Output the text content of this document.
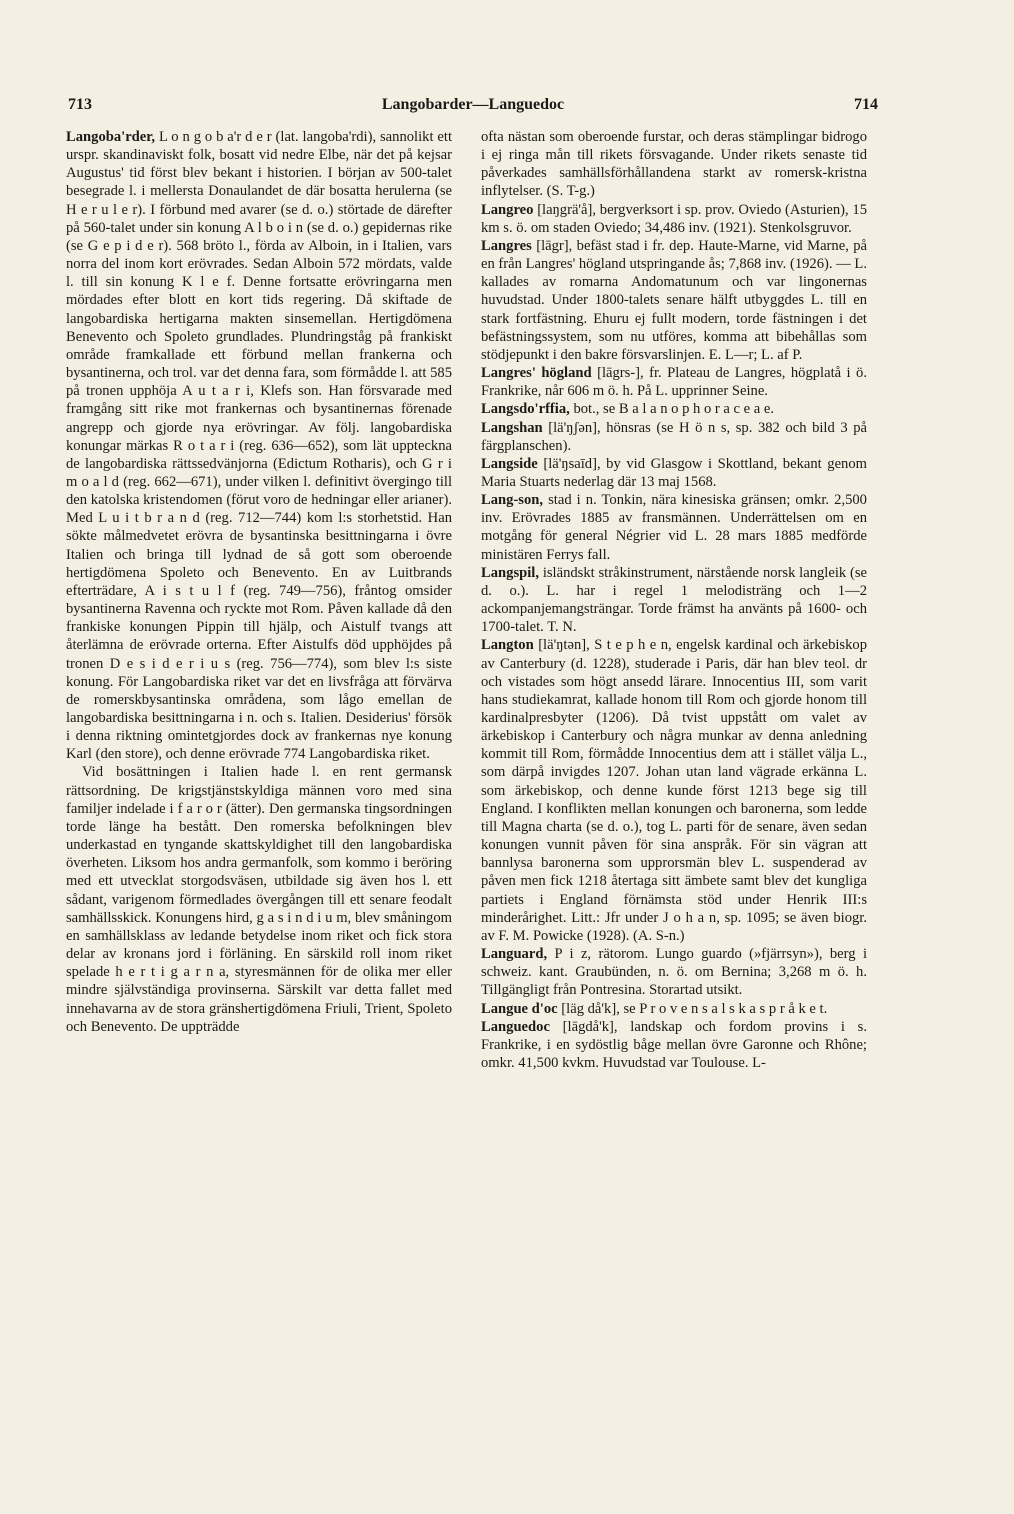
713	Langobarder—Languedoc	714

Langoba'rder, L o n g o b a'r d e r (lat. langoba'rdi), sannolikt ett urspr. skandinaviskt folk, bosatt vid nedre Elbe, när det på kejsar Augustus' tid först blev bekant i historien. I början av 500-talet besegrade l. i mellersta Donaulandet de där bosatta herulerna (se H e r u l e r). I förbund med avarer (se d. o.) störtade de därefter på 560-talet under sin konung A l b o i n (se d. o.) gepidernas rike (se G e p i d e r). 568 bröto l., förda av Alboin, in i Italien, vars norra del inom kort erövrades. Sedan Alboin 572 mördats, valde l. till sin konung K l e f. Denne fortsatte erövringarna men mördades efter blott en kort tids regering. Då skiftade de langobardiska hertigarna makten sinsemellan. Hertigdömena Benevento och Spoleto grundlades. Plundringståg på frankiskt område framkallade ett förbund mellan frankerna och bysantinerna, och trol. var det denna fara, som förmådde l. att 585 på tronen upphöja A u t a r i, Klefs son. Han försvarade med framgång sitt rike mot frankernas och bysantinernas förenade angrepp och gjorde nya erövringar. Av följ. langobardiska konungar märkas R o t a r i (reg. 636—652), som lät uppteckna de langobardiska rättssedvänjorna (Edictum Rotharis), och G r i m o a l d (reg. 662—671), under vilken l. definitivt övergingo till den katolska kristendomen (förut voro de hedningar eller arianer). Med L u i t b r a n d (reg. 712—744) kom l:s storhetstid. Han sökte målmedvetet erövra de bysantinska besittningarna i övre Italien och bringa till lydnad de så gott som oberoende hertigdömena Spoleto och Benevento. En av Luitbrands efterträdare, A i s t u l f (reg. 749—756), fråntog omsider bysantinerna Ravenna och ryckte mot Rom. Påven kallade då den frankiske konungen Pippin till hjälp, och Aistulf tvangs att återlämna de erövrade orterna. Efter Aistulfs död upphöjdes på tronen D e s i d e r i u s (reg. 756—774), som blev l:s siste konung. För Langobardiska riket var det en livsfråga att förvärva de romerskbysantinska områdena, som lågo emellan de langobardiska besittningarna i n. och s. Italien. Desiderius' försök i denna riktning omintetgjordes dock av frankernas nye konung Karl (den store), och denne erövrade 774 Langobardiska riket.

Vid bosättningen i Italien hade l. en rent germansk rättsordning. De krigstjänstskyldiga männen voro med sina familjer indelade i f a r o r (ätter). Den germanska tingsordningen torde länge ha bestått. Den romerska befolkningen blev underkastad en tyngande skattskyldighet till den langobardiska överheten. Liksom hos andra germanfolk, som kommo i beröring med ett utvecklat storgodsväsen, utbildade sig även hos l. ett sådant, varigenom förmedlades övergången till ett senare feodalt samhällsskick. Konungens hird, g a s i n d i u m, blev småningom en samhällsklass av ledande betydelse inom riket och fick stora delar av kronans jord i förläning. En särskild roll inom riket spelade h e r t i g a r n a, styresmännen för de olika mer eller mindre självständiga provinserna. Särskilt var detta fallet med innehavarna av de stora gränshertigdömena Friuli, Trient, Spoleto och Benevento. De uppträdde

ofta nästan som oberoende furstar, och deras stämplingar bidrogo i ej ringa mån till rikets försvagande. Under rikets senaste tid påverkades samhällsförhållandena starkt av romersk-kristna inflytelser. (S. T-g.)

Langreo [laŋgrä'å], bergverksort i sp. prov. Oviedo (Asturien), 15 km s. ö. om staden Oviedo; 34,486 inv. (1921). Stenkolsgruvor.

Langres [lāgr], befäst stad i fr. dep. Haute-Marne, vid Marne, på en från Langres' högland utspringande ås; 7,868 inv. (1926). — L. kallades av romarna Andomatunum och var lingonernas huvudstad. Under 1800-talets senare hälft utbyggdes L. till en stark fortfästning. Ehuru ej fullt modern, torde fästningen i det befästningssystem, som nu utföres, komma att bibehållas som stödjepunkt i den bakre försvarslinjen. E. L—r; L. af P.

Langres' högland [lāgrs-], fr. Plateau de Langres, högplatå i ö. Frankrike, når 606 m ö. h. På L. upprinner Seine.

Langsdo'rffia, bot., se B a l a n o p h o r a c e a e.

Langshan [lä'ŋʃən], hönsras (se H ö n s, sp. 382 och bild 3 på färgplanschen).

Langside [lä'ŋsaīd], by vid Glasgow i Skottland, bekant genom Maria Stuarts nederlag där 13 maj 1568.

Lang-son, stad i n. Tonkin, nära kinesiska gränsen; omkr. 2,500 inv. Erövrades 1885 av fransmännen. Underrättelsen om en motgång för general Négrier vid L. 28 mars 1885 medförde ministären Ferrys fall.

Langspil, isländskt stråkinstrument, närstående norsk langleik (se d. o.). L. har i regel 1 melodisträng och 1—2 ackompanjemangsträngar. Torde främst ha använts på 1600- och 1700-talet. T. N.

Langton [lä'ŋtən], S t e p h e n, engelsk kardinal och ärkebiskop av Canterbury (d. 1228), studerade i Paris, där han blev teol. dr och vistades som högt ansedd lärare. Innocentius III, som varit hans studiekamrat, kallade honom till Rom och gjorde honom till kardinalpresbyter (1206). Då tvist uppstått om valet av ärkebiskop i Canterbury och några munkar av denna anledning kommit till Rom, förmådde Innocentius dem att i stället välja L., som därpå invigdes 1207. Johan utan land vägrade erkänna L. som ärkebiskop, och denne kunde först 1213 bege sig till England. I konflikten mellan konungen och baronerna, som ledde till Magna charta (se d. o.), tog L. parti för de senare, även sedan konungen vunnit påven för sina anspråk. För sin vägran att bannlysa baronerna som upprorsmän blev L. suspenderad av påven men fick 1218 återtaga sitt ämbete samt blev det kungliga partiets i England förnämsta stöd under Henrik III:s minderårighet. Litt.: Jfr under J o h a n, sp. 1095; se även biogr. av F. M. Powicke (1928). (A. S-n.)

Languard, P i z, rätorom. Lungo guardo (»fjärrsyn»), berg i schweiz. kant. Graubünden, n. ö. om Bernina; 3,268 m ö. h. Tillgängligt från Pontresina. Storartad utsikt.

Langue d'oc [läg då'k], se P r o v e n s a l s k a s p r å k e t.

Languedoc [lāgdå'k], landskap och fordom provins i s. Frankrike, i en sydöstlig båge mellan övre Garonne och Rhône; omkr. 41,500 kvkm. Huvudstad var Toulouse. L-
